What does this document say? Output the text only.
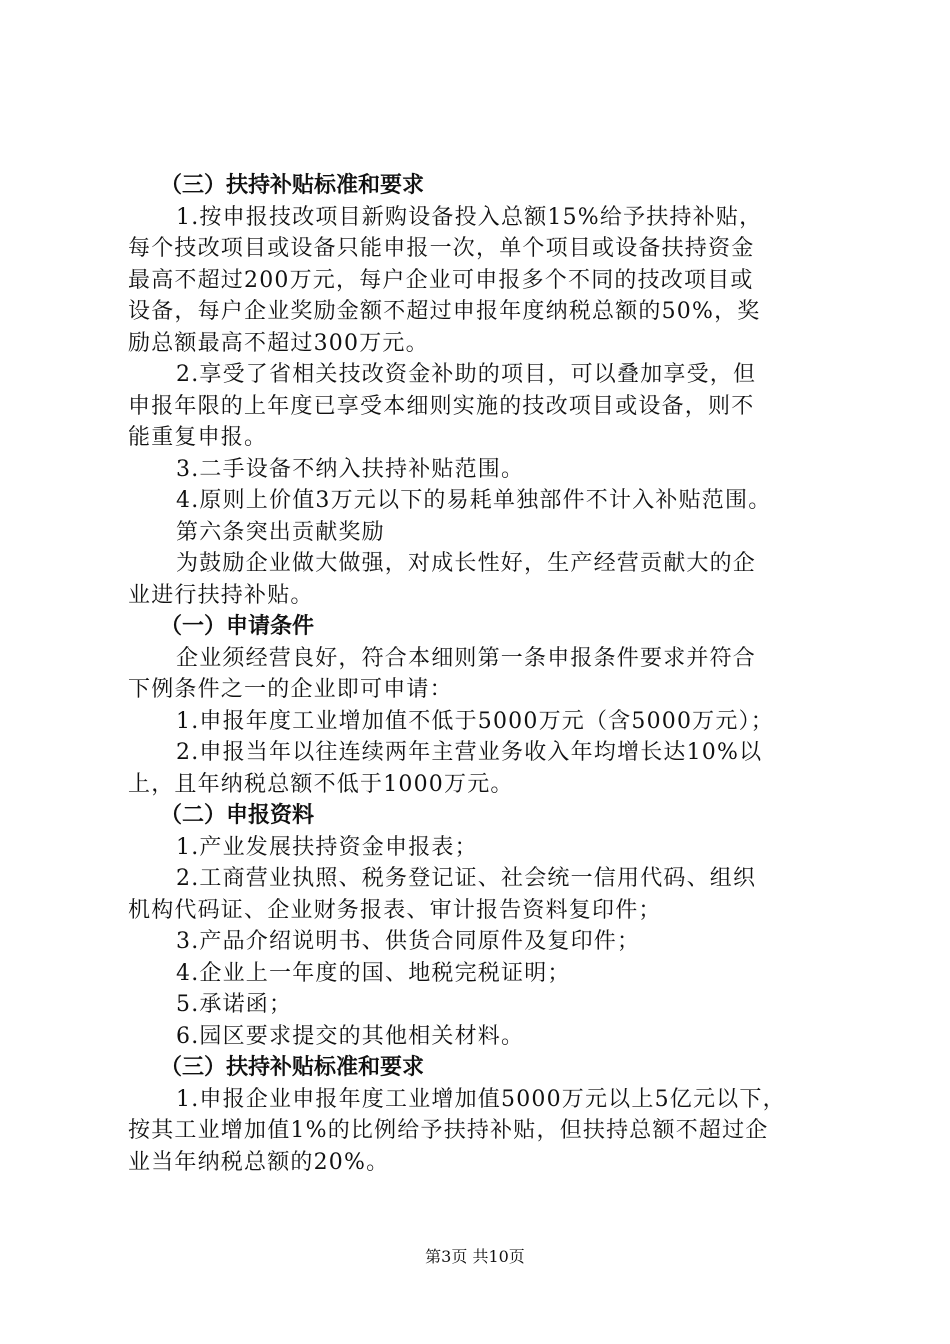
（三）扶持补贴标准和要求

1.按申报技改项目新购设备投入总额15%给予扶持补贴，

每个技改项目或设备只能申报一次，单个项目或设备扶持资金

最高不超过200万元，每户企业可申报多个不同的技改项目或

设备，每户企业奖励金额不超过申报年度纳税总额的50%，奖

励总额最高不超过300万元。

2.享受了省相关技改资金补助的项目，可以叠加享受，但

申报年限的上年度已享受本细则实施的技改项目或设备，则不

能重复申报。

3.二手设备不纳入扶持补贴范围。

4.原则上价值3万元以下的易耗单独部件不计入补贴范围。

第六条突出贡献奖励

为鼓励企业做大做强，对成长性好，生产经营贡献大的企

业进行扶持补贴。

（一）申请条件

企业须经营良好，符合本细则第一条申报条件要求并符合

下例条件之一的企业即可申请：

1.申报年度工业增加值不低于5000万元（含5000万元）；

2.申报当年以往连续两年主营业务收入年均增长达10%以

上，且年纳税总额不低于1000万元。

（二）申报资料

1.产业发展扶持资金申报表；

2.工商营业执照、税务登记证、社会统一信用代码、组织

机构代码证、企业财务报表、审计报告资料复印件；

3.产品介绍说明书、供货合同原件及复印件；

4.企业上一年度的国、地税完税证明；

5.承诺函；

6.园区要求提交的其他相关材料。

（三）扶持补贴标准和要求

1.申报企业申报年度工业增加值5000万元以上5亿元以下，

按其工业增加值1%的比例给予扶持补贴，但扶持总额不超过企

业当年纳税总额的20%。

第3页 共10页
